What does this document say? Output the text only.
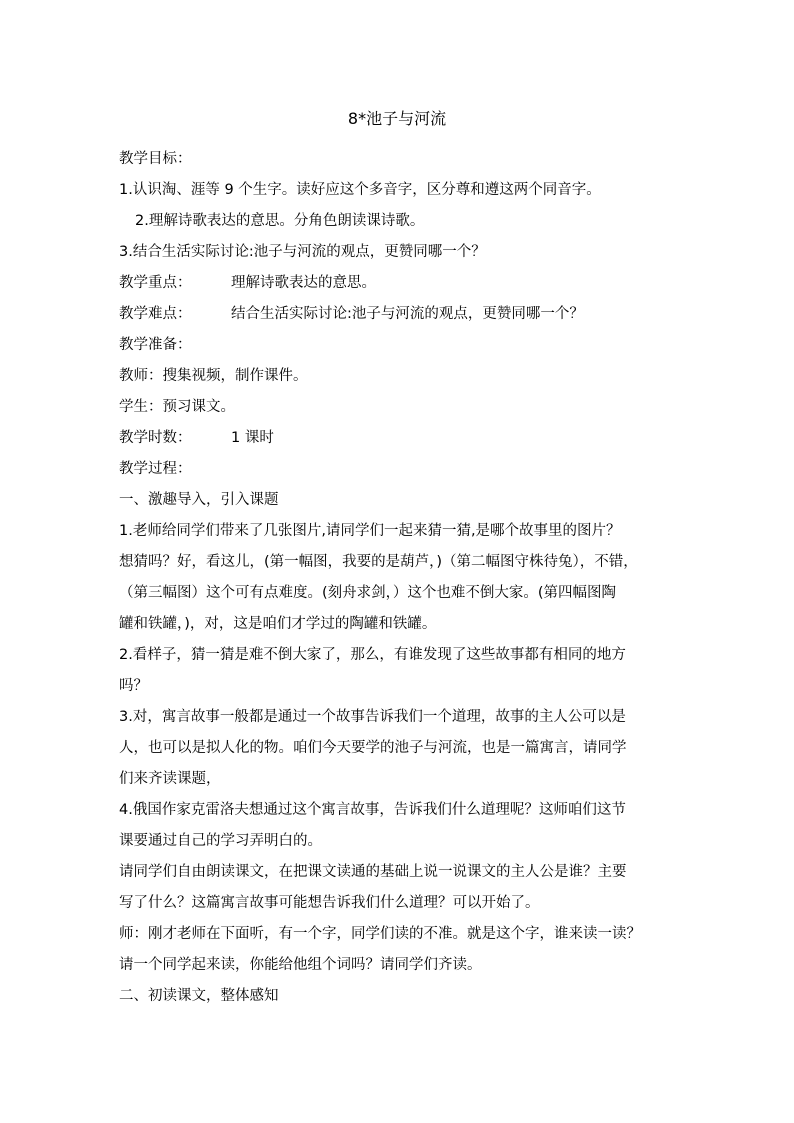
8*池子与河流
教学目标：
1.认识淘、涯等 9 个生字。读好应这个多音字，区分尊和遵这两个同音字。
2.理解诗歌表达的意思。分角色朗读课诗歌。
3.结合生活实际讨论:池子与河流的观点，更赞同哪一个？
教学重点：	理解诗歌表达的意思。
教学难点：	结合生活实际讨论:池子与河流的观点，更赞同哪一个？
教学准备：
教师：搜集视频，制作课件。
学生：预习课文。
教学时数：	1 课时
教学过程：
一、激趣导入，引入课题
1.老师给同学们带来了几张图片,请同学们一起来猜一猜,是哪个故事里的图片？
想猜吗？好，看这儿，(第一幅图，我要的是葫芦，)（第二幅图守株待兔），不错，
（第三幅图）这个可有点难度。(刻舟求剑，）这个也难不倒大家。(第四幅图陶
罐和铁罐，)，对，这是咱们才学过的陶罐和铁罐。
2.看样子，猜一猜是难不倒大家了，那么，有谁发现了这些故事都有相同的地方
吗？
3.对，寓言故事一般都是通过一个故事告诉我们一个道理，故事的主人公可以是
人，也可以是拟人化的物。咱们今天要学的池子与河流，也是一篇寓言，请同学
们来齐读课题，
4.俄国作家克雷洛夫想通过这个寓言故事，告诉我们什么道理呢？这师咱们这节
课要通过自己的学习弄明白的。
请同学们自由朗读课文，在把课文读通的基础上说一说课文的主人公是谁？主要
写了什么？这篇寓言故事可能想告诉我们什么道理？可以开始了。
师：刚才老师在下面听，有一个字，同学们读的不准。就是这个字，谁来读一读？
请一个同学起来读，你能给他组个词吗？请同学们齐读。
二、初读课文，整体感知
